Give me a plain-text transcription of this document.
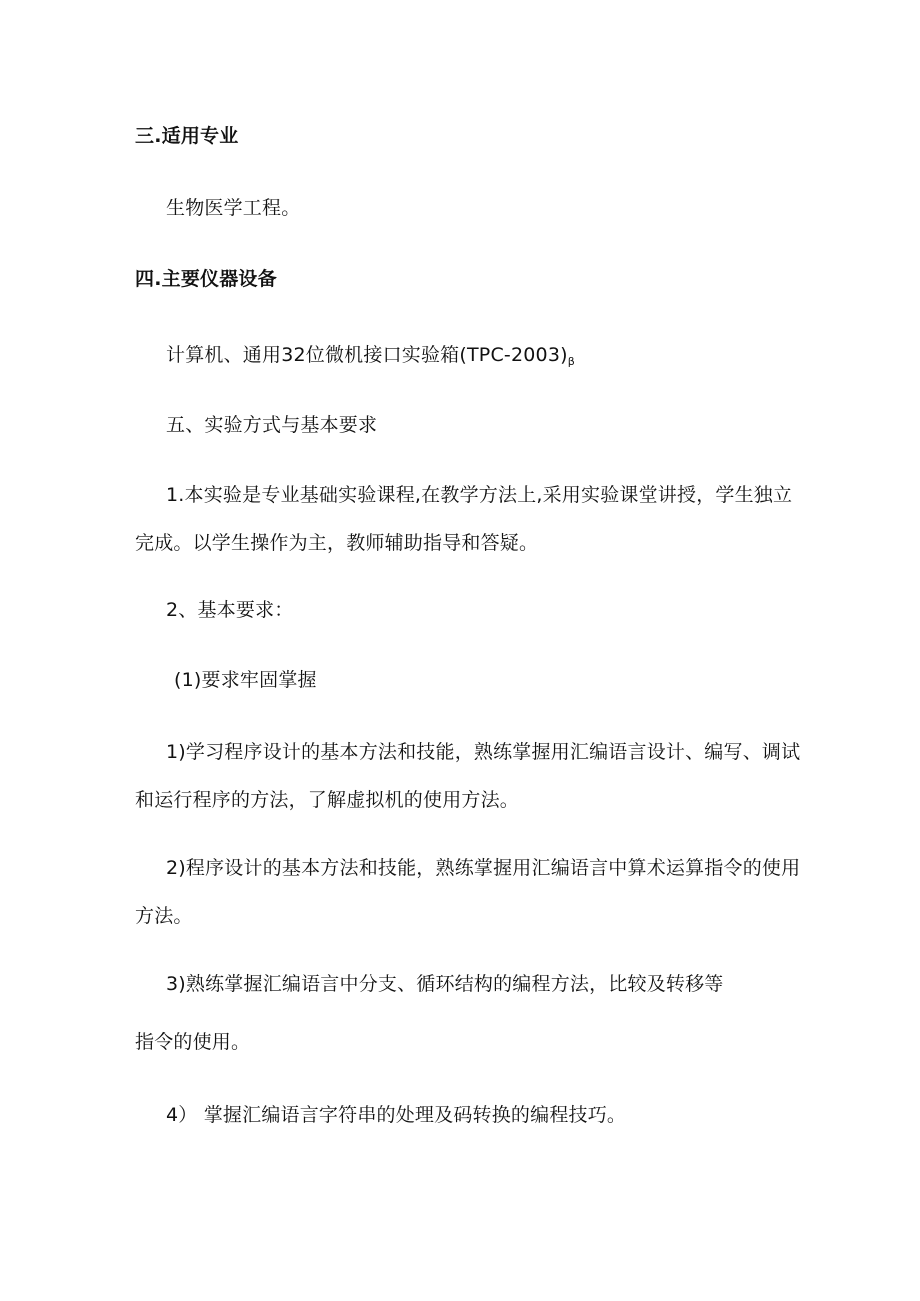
三.适用专业
生物医学工程。
四.主要仪器设备
计算机、通用32位微机接口实验箱$(TPC-2003)_\beta$
五、实验方式与基本要求
1.本实验是专业基础实验课程,在教学方法上,采用实验课堂讲授，学生独立
完成。以学生操作为主，教师辅助指导和答疑。
2、基本要求：
(1)要求牢固掌握
1)学习程序设计的基本方法和技能，熟练掌握用汇编语言设计、编写、调试
和运行程序的方法，了解虚拟机的使用方法。
2)程序设计的基本方法和技能，熟练掌握用汇编语言中算术运算指令的使用
方法。
3)熟练掌握汇编语言中分支、循环结构的编程方法，比较及转移等
指令的使用。
4） 掌握汇编语言字符串的处理及码转换的编程技巧。
